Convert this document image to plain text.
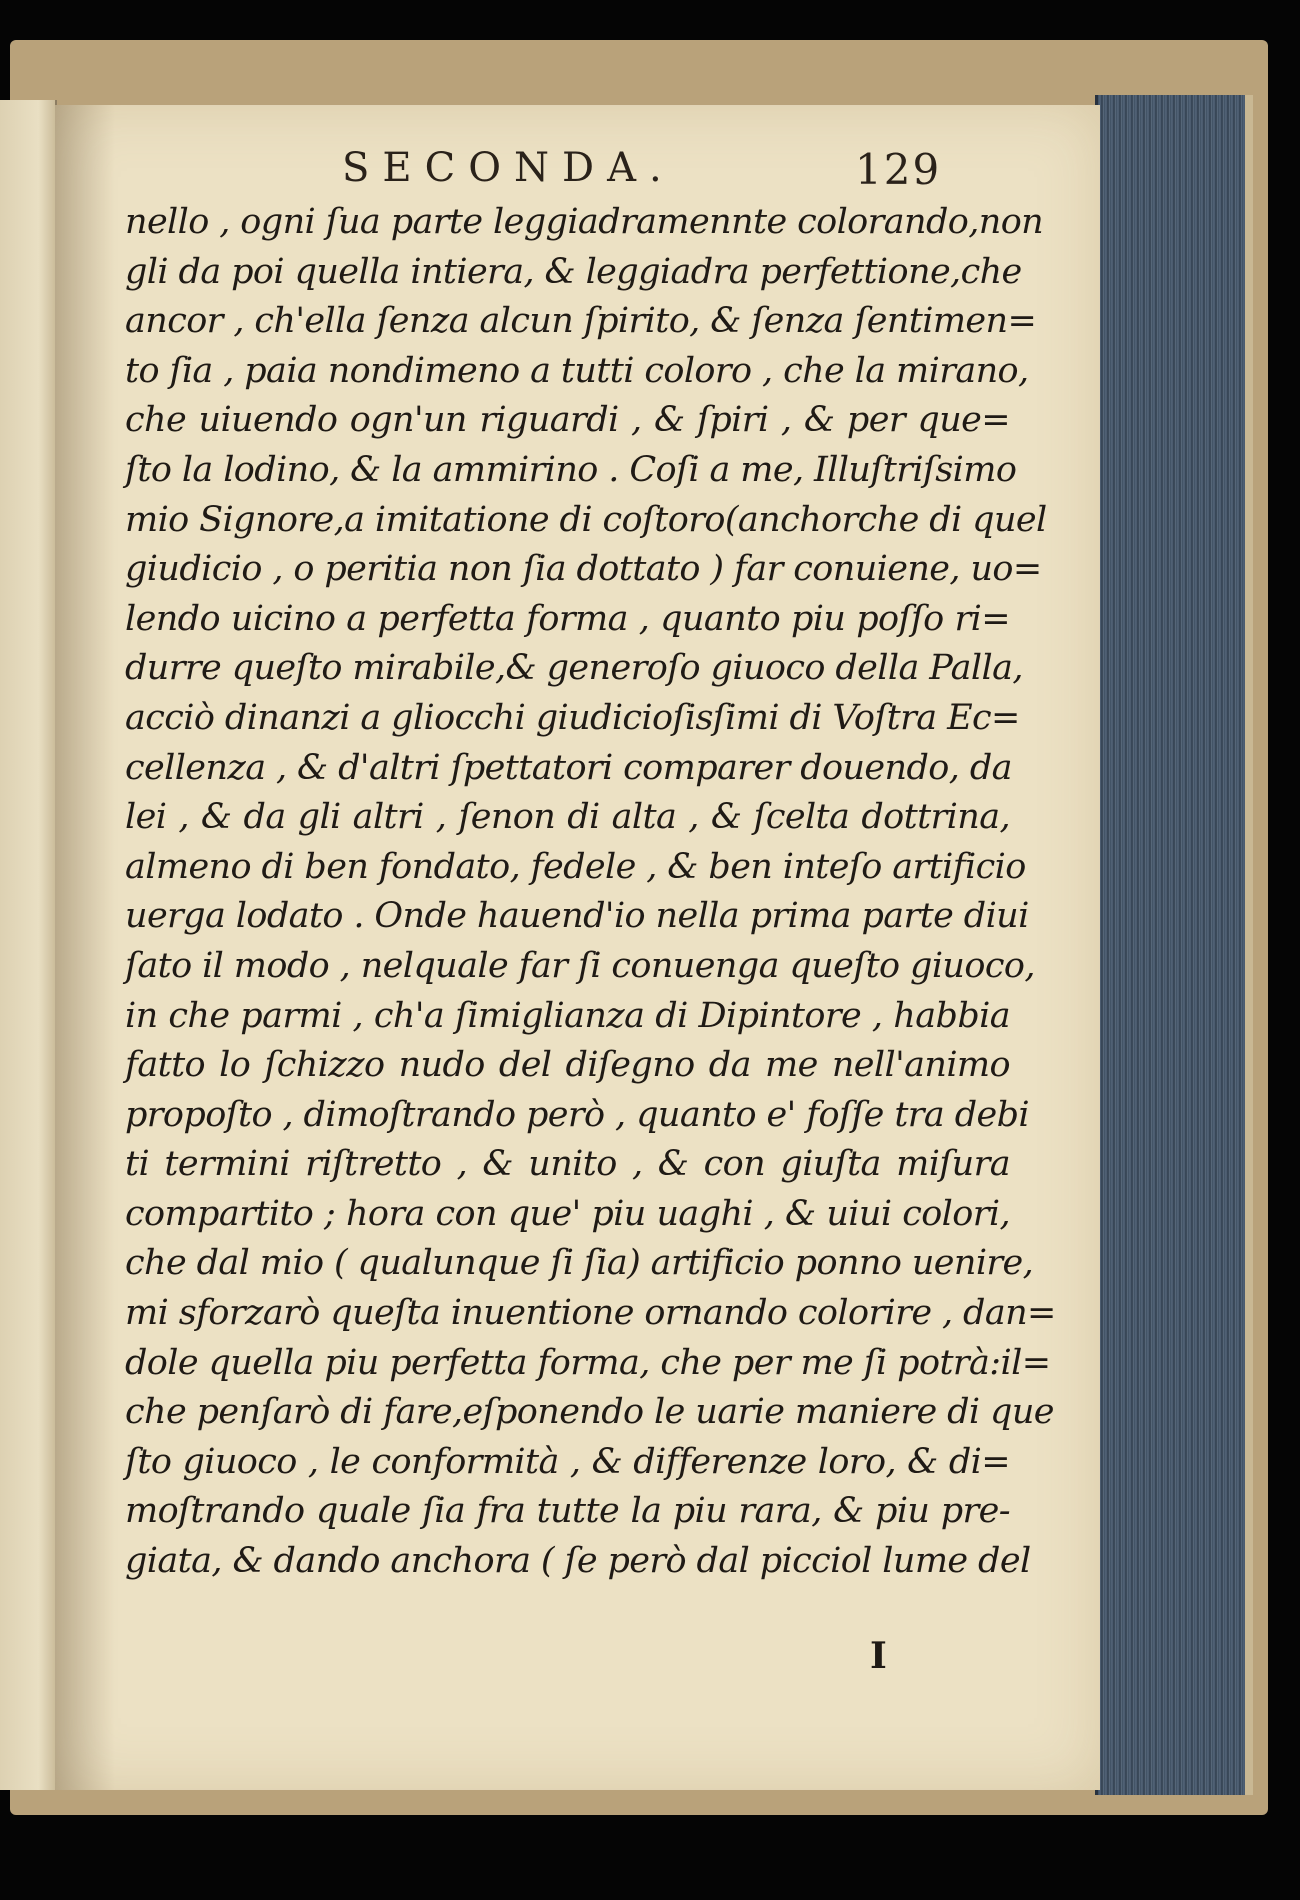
SECONDA.	129
nello , ogni ſua parte leggiadramennte colorando,non
gli da poi quella intiera, & leggiadra perfettione,che
ancor , ch'ella ſenza alcun ſpirito, & ſenza ſentimen=
to ſia , paia nondimeno a tutti coloro , che la mirano,
che uiuendo ogn'un riguardi , & ſpiri , & per que=
ſto la lodino, & la ammirino . Coſi a me, Illuſtriſsimo
mio Signore,a imitatione di coſtoro(anchorche di quel
giudicio , o peritia non ſia dottato ) far conuiene, uo=
lendo uicino a perfetta forma , quanto piu poſſo ri=
durre queſto mirabile,& generoſo giuoco della Palla,
acciò dinanzi a gliocchi giudicioſisſimi di Voſtra Ec=
cellenza , & d'altri ſpettatori comparer douendo, da
lei , & da gli altri , ſenon di alta , & ſcelta dottrina,
almeno di ben fondato, fedele , & ben inteſo artificio
uerga lodato . Onde hauend'io nella prima parte diui
ſato il modo , nelquale far ſi conuenga queſto giuoco,
in che parmi , ch'a ſimiglianza di Dipintore , habbia
fatto lo ſchizzo nudo del diſegno da me nell'animo
propoſto , dimoſtrando però , quanto e' foſſe tra debi
ti termini riſtretto , & unito , & con giuſta miſura
compartito ; hora con que' piu uaghi , & uiui colori,
che dal mio ( qualunque ſi ſia) artificio ponno uenire,
mi sforzarò queſta inuentione ornando colorire , dan=
dole quella piu perfetta forma, che per me ſi potrà:il=
che penſarò di fare,eſponendo le uarie maniere di que
ſto giuoco , le conformità , & differenze loro, & di=
moſtrando quale ſia fra tutte la piu rara, & piu pre-
giata, & dando anchora ( ſe però dal picciol lume del
I
